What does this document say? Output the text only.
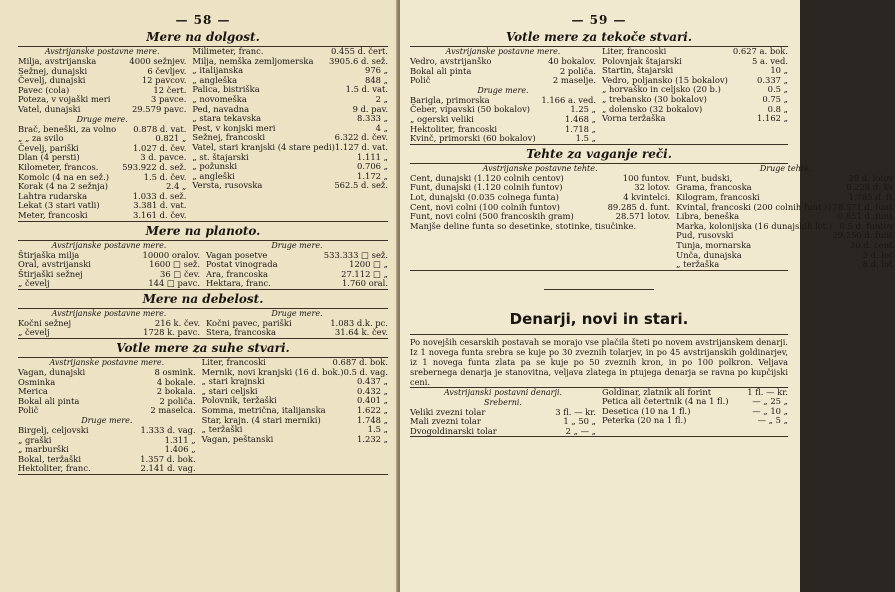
— 58 —
Mere na dolgost.
Avstrijanske postavne mere.
Milja, avstrijanska	4000 sežnjev.
Sežnej, dunajski	6 čevljev.
Čevelj, dunajski	12 pavcov.
Pavec (cola)	12 čert.
Poteza, v vojaški meri	3 pavce.
Vatel, dunajski	29.579 pavc.
Druge mere.
Brač, beneški, za volno	0.878 d. vat.
„ „ za svilo	0.821 „
Čevelj, pariški	1.027 d. čev.
Dlan (4 persti)	3 d. pavce.
Kilometer, francos.	593.922 d. sež.
Komolc (4 na en sež.)	1.5 d. čev.
Korak (4 na 2 sežnja)	2.4 „
Lahtra rudarska	1.033 d. sež.
Lekat (3 stari vatli)	3.381 d. vat.
Meter, francoski	3.161 d. čev.
Milimeter, franc.	0.455 d. čert.
Milja, nemška zemljomerska	3905.6 d. sež.
„ italijanska	976 „
„ angleška	848 „
Palica, bistriška	1.5 d. vat.
„ novomeška	2 „
Ped, navadna	9 d. pav.
„ stara tekavska	8.333 „
Pest, v konjski meri	4 „
Sežnej, francoski	6.322 d. čev.
Vatel, stari kranjski (4 stare pedi) 1.127 d. vat.
„ st. štajarski	1.111 „
„ požunski	0.706 „
„ angleški	1.172 „
Versta, rusovska	562.5 d. sež.
Mere na planoto.
Avstrijanske postavne mere.
Štirjaška milja	10000 oralov.
Oral, avstrijanski	1600 □ sež.
Štirjaški sežnej	36 □ čev.
„ čevelj	144 □ pavc.
Druge mere.
Vagan posetve	533.333 □ sež.
Postat vinograda	1200 □ „
Ara, francoska	27.112 □ „
Hektara, franc.	1.760 oral.
Mere na debelost.
Avstrijanske postavne mere.
Kočni sežnej	216 k. čev.
„ čevelj	1728 k. pavc.
Druge mere.
Kočni pavec, pariški	1.083 d.k. pc.
Stera, francoska	31.64 k. čev.
Votle mere za suhe stvari.
Avstrijanske postavne mere.
Vagan, dunajski	8 osmink.
Osminka	4 bokale.
Merica	2 bokala.
Bokal ali pinta	2 poliča.
Polič	2 maselca.
Druge mere.
Birgelj, celjovski	1.333 d. vag.
„ graški	1.311 „
„ marburški	1.406 „
Bokal, teržaški	1.357 d. bok.
Hektoliter, franc.	2.141 d. vag.
Liter, francoski	0.687 d. bok.
Mernik, novi kranjski (16 d. bok.) 0.5 d. vag.
„ stari krajnski	0.437 „
„ stari celjski	0.432 „
Polovnik, teržaški	0.401 „
Somma, metrična, italijanska	1.622 „
Star, krajn. (4 stari merniki)	1.748 „
„ teržaški	1.5 „
Vagan, peštanski	1.232 „
— 59 —
Votle mere za tekoče stvari.
Avstrijanske postavne mere.
Vedro, avstrijanško	40 bokalov.
Bokal ali pinta	2 poliča.
Polič	2 maselje.
Druge mere.
Barigla, primorska	1.166 a. ved.
Čeber, vipavski (50 bokalov)	1.25 „
„ ogerski veliki	1.468 „
Hektoliter, francoski	1.718 „
Kvinč, primorski (60 bokalov)	1.5 „
Liter, francoski	0.627 a. bok.
Polovnjak štajarski	5 a. ved.
Startin, štajarski	10 „
Vedro, poljansko (15 bokalov)	0.337 „
„ horvaško in celjsko (20 b.)	0.5 „
„ trebansko (30 bokalov)	0.75 „
„ dolensko (32 bokalov)	0.8 „
Vorna teržaška	1.162 „
Tehte za vaganje reči.
Avstrijanske postavne tehte.
Cent, dunajski (1.120 colnih centov)	100 funtov.
Funt, dunajski (1.120 colnih funtov)	32 lotov.
Lot, dunajski (0.035 colnega funta)	4 kvintelci.
Cent, novi colni (100 colnih funtov)	89.285 d. funt.
Funt, novi colni (500 francoskih gram)	28.571 lotov.
Manjše deline funta so desetinke, stotinke, tisučinke.
Druge tehte.
Funt, budski,	28 d. lotov.
Grama, francoska	0.228 d. kv.
Kilogram, francoski	1.785 d. ft.
Kvintal, francoski (200 colnih funt.) 178.571 d. funt.
Libra, beneška	0.851 d. funt.
Marka, kolonijska (16 dunajskih lot.) 0.5 d. funtov.
Pud, rusovski	29.250 d. funt.
Tunja, mornarska	20 d. cent.
Unča, dunajska	2 d. lot.
„ teržaška	8 d. lot.
Denarji, novi in stari.
Po novejših cesarskih postavah se morajo vse plačila šteti po novem avstrijanskem denarji. Iz 1 novega funta srebra se kuje po 30 zveznih tolarjev, in po 45 avstrijanskih goldinarjev, iz 1 novega funta zlata pa se kuje po 50 zveznih kron, in po 100 polkron. Veljava srebernega denarja je stanovitna, veljava zlatega in ptujega denarja se ravna po kupčijski ceni.
Avstrijanski postavni denarji.
Sreberni.
Veliki zvezni tolar	3 fl. — kr.
Mali zvezni tolar	1 „ 50 „
Dvogoldinarski tolar	2 „ — „
Goldinar, zlatnik ali forint	1 fl. — kr.
Petica ali četertnik (4 na 1 fl.)	— „ 25 „
Desetica (10 na 1 fl.)	— „ 10 „
Peterka (20 na 1 fl.)	— „ 5 „
